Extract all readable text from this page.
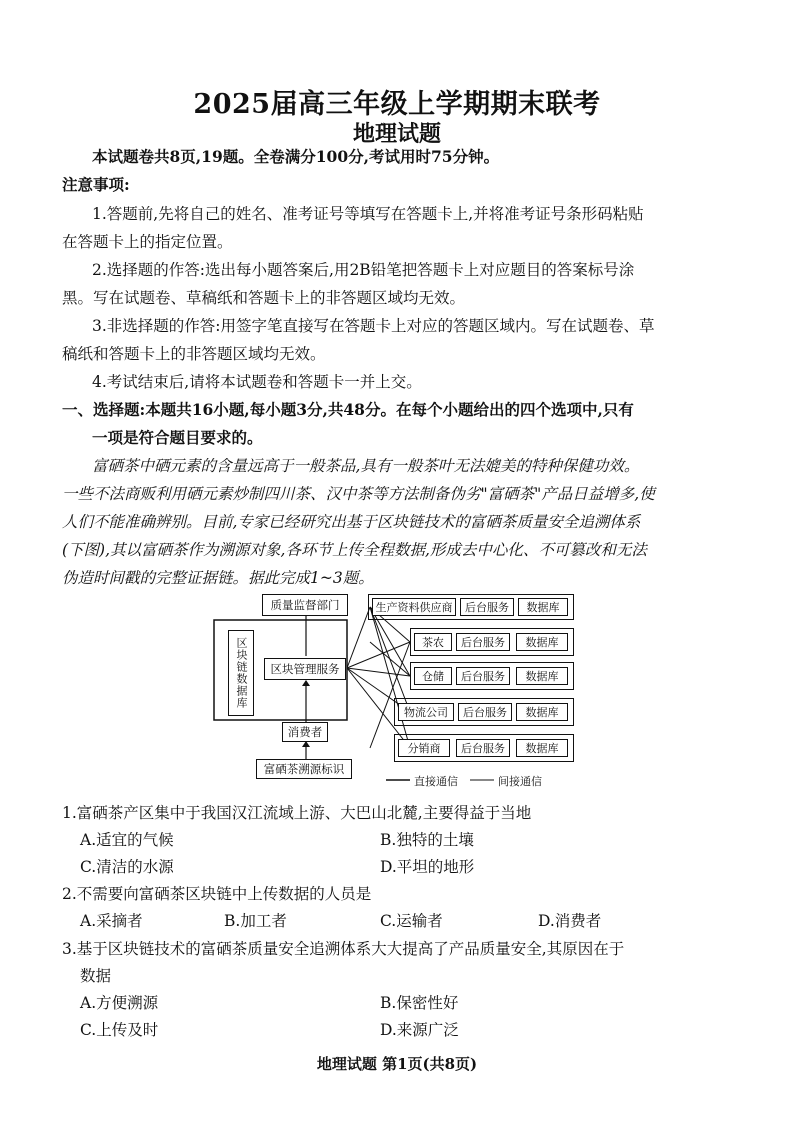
2025届高三年级上学期期末联考
地理试题
本试题卷共8页,19题。全卷满分100分,考试用时75分钟。
注意事项:
1.答题前,先将自己的姓名、准考证号等填写在答题卡上,并将准考证号条形码粘贴
在答题卡上的指定位置。
2.选择题的作答:选出每小题答案后,用2B铅笔把答题卡上对应题目的答案标号涂
黑。写在试题卷、草稿纸和答题卡上的非答题区域均无效。
3.非选择题的作答:用签字笔直接写在答题卡上对应的答题区域内。写在试题卷、草
稿纸和答题卡上的非答题区域均无效。
4.考试结束后,请将本试题卷和答题卡一并上交。
一、选择题:本题共16小题,每小题3分,共48分。在每个小题给出的四个选项中,只有
一项是符合题目要求的。
富硒茶中硒元素的含量远高于一般茶品,具有一般茶叶无法媲美的特种保健功效。
一些不法商贩利用硒元素炒制四川茶、汉中茶等方法制备伪劣"富硒茶"产品日益增多,使
人们不能准确辨别。目前,专家已经研究出基于区块链技术的富硒茶质量安全追溯体系
(下图),其以富硒茶作为溯源对象,各环节上传全程数据,形成去中心化、不可篡改和无法
伪造时间戳的完整证据链。据此完成1~3题。
质量监督部门
区块链数据库	区块管理服务
消费者
富硒茶溯源标识
生产资料供应商	后台服务	数据库
茶农	后台服务	数据库
仓储	后台服务	数据库
物流公司	后台服务	数据库
分销商	后台服务	数据库
直接通信	间接通信
1.富硒茶产区集中于我国汉江流域上游、大巴山北麓,主要得益于当地
A.适宜的气候	B.独特的土壤
C.清洁的水源	D.平坦的地形
2.不需要向富硒茶区块链中上传数据的人员是
A.采摘者	B.加工者	C.运输者	D.消费者
3.基于区块链技术的富硒茶质量安全追溯体系大大提高了产品质量安全,其原因在于
数据
A.方便溯源	B.保密性好
C.上传及时	D.来源广泛
地理试题 第1页(共8页)
